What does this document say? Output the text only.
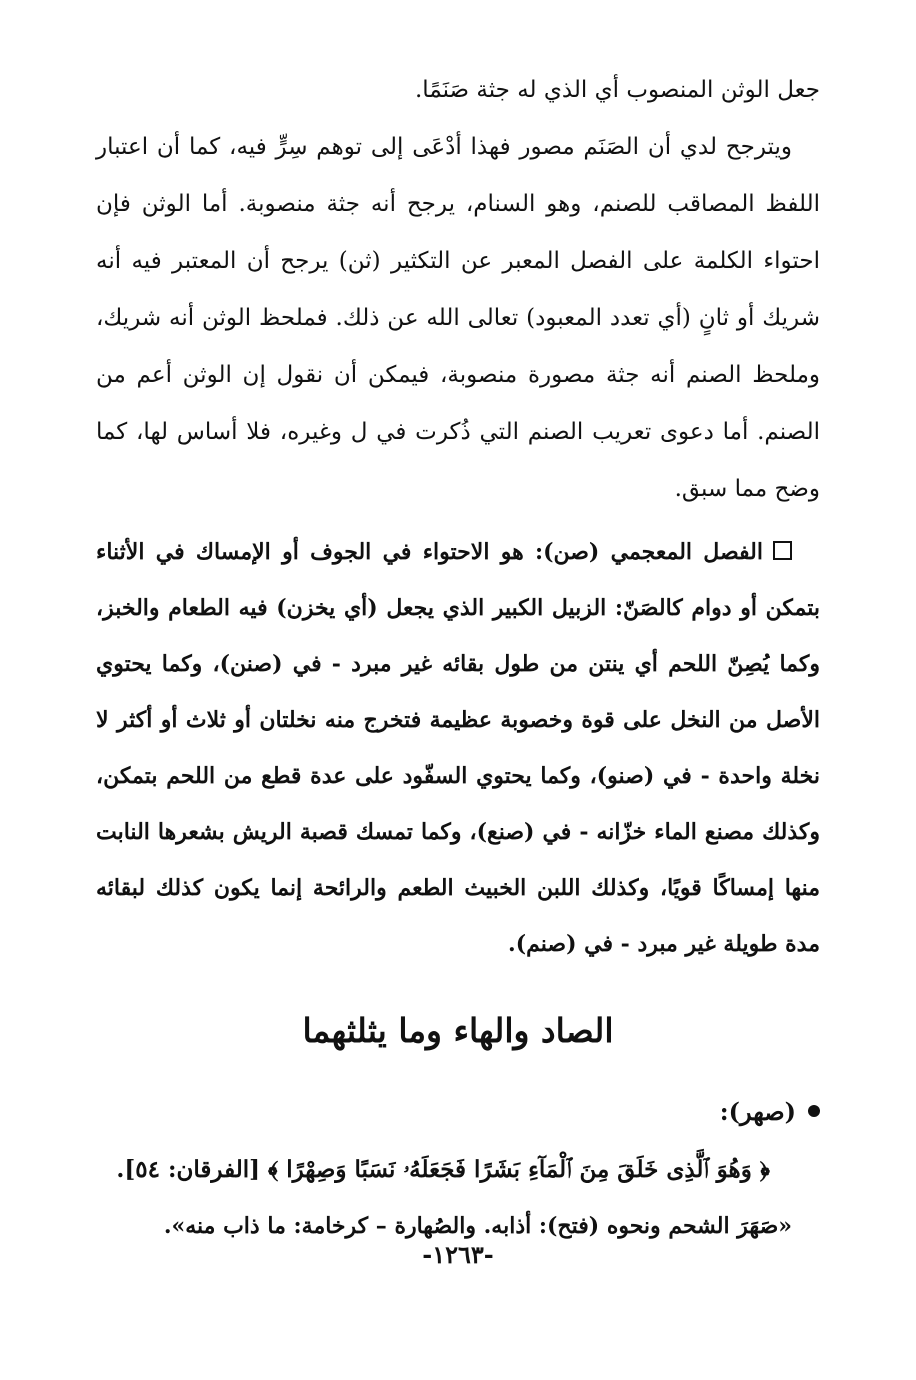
جعل الوثن المنصوب أي الذي له جثة صَنَمًا.

ويترجح لدي أن الصَنَم مصور فهذا أدْعَى إلى توهم سِرٍّ فيه، كما أن اعتبار اللفظ المصاقب للصنم، وهو السنام، يرجح أنه جثة منصوبة. أما الوثن فإن احتواء الكلمة على الفصل المعبر عن التكثير (ثن) يرجح أن المعتبر فيه أنه شريك أو ثانٍ (أي تعدد المعبود) تعالى الله عن ذلك. فملحظ الوثن أنه شريك، وملحظ الصنم أنه جثة مصورة منصوبة، فيمكن أن نقول إن الوثن أعم من الصنم. أما دعوى تعريب الصنم التي ذُكرت في ل وغيره، فلا أساس لها، كما وضح مما سبق.

الفصل المعجمي (صن): هو الاحتواء في الجوف أو الإمساك في الأثناء بتمكن أو دوام كالصَنّ: الزبيل الكبير الذي يجعل (أي يخزن) فيه الطعام والخبز، وكما يُصِنّ اللحم أي ينتن من طول بقائه غير مبرد - في (صنن)، وكما يحتوي الأصل من النخل على قوة وخصوبة عظيمة فتخرج منه نخلتان أو ثلاث أو أكثر لا نخلة واحدة - في (صنو)، وكما يحتوي السفّود على عدة قطع من اللحم بتمكن، وكذلك مصنع الماء خزّانه - في (صنع)، وكما تمسك قصبة الريش بشعرها النابت منها إمساكًا قويًا، وكذلك اللبن الخبيث الطعم والرائحة إنما يكون كذلك لبقائه مدة طويلة غير مبرد - في (صنم).

الصاد والهاء وما يثلثهما

(صهر):

﴿ وَهُوَ ٱلَّذِى خَلَقَ مِنَ ٱلْمَآءِ بَشَرًا فَجَعَلَهُۥ نَسَبًا وَصِهْرًا ﴾ [الفرقان: ٥٤].

«صَهَرَ الشحم ونحوه (فتح): أذابه. والصُهارة – كرخامة: ما ذاب منه».

-١٢٦٣-
